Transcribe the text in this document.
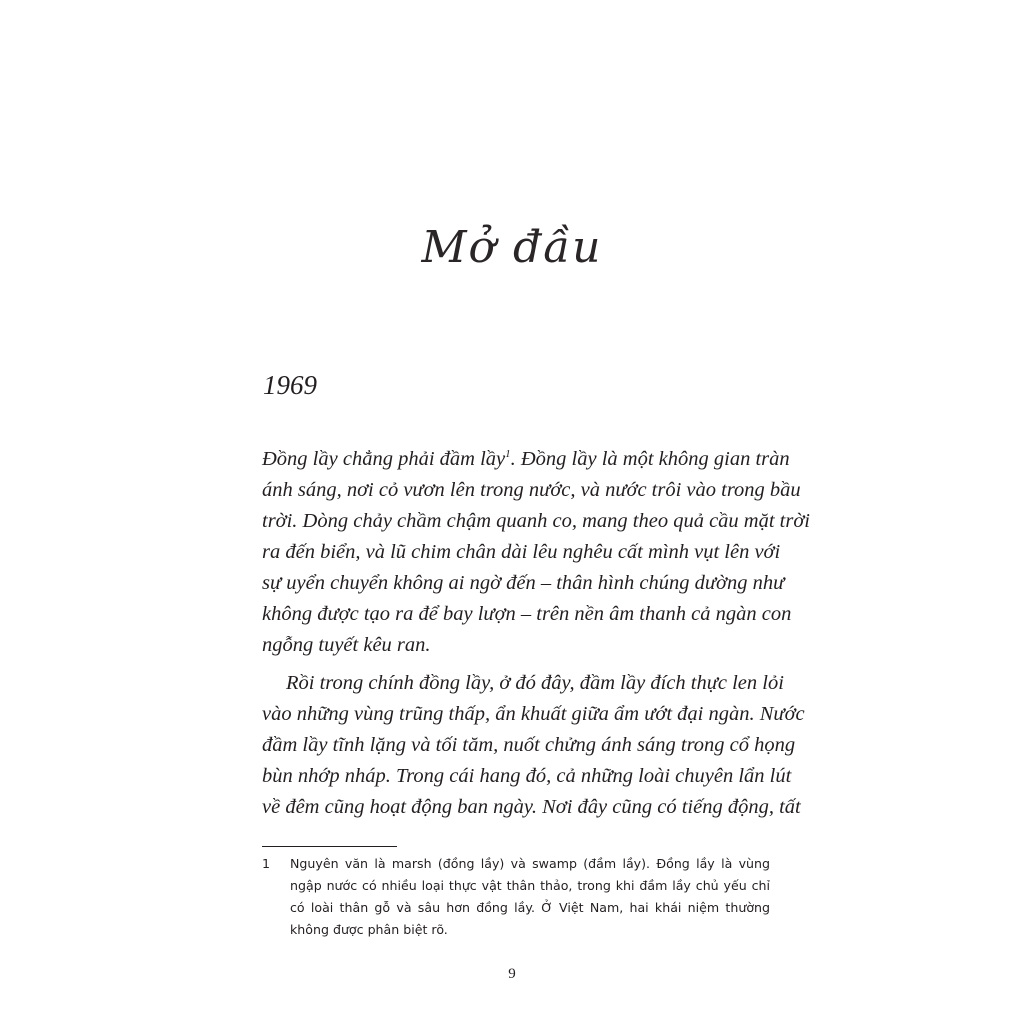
Mở đầu
1969
Đồng lầy chẳng phải đầm lầy$^1$. Đồng lầy là một không gian tràn
ánh sáng, nơi cỏ vươn lên trong nước, và nước trôi vào trong bầu
trời. Dòng chảy chầm chậm quanh co, mang theo quả cầu mặt trời
ra đến biển, và lũ chim chân dài lêu nghêu cất mình vụt lên với
sự uyển chuyển không ai ngờ đến – thân hình chúng dường như
không được tạo ra để bay lượn – trên nền âm thanh cả ngàn con
ngỗng tuyết kêu ran.
Rồi trong chính đồng lầy, ở đó đây, đầm lầy đích thực len lỏi
vào những vùng trũng thấp, ẩn khuất giữa ẩm ướt đại ngàn. Nước
đầm lầy tĩnh lặng và tối tăm, nuốt chửng ánh sáng trong cổ họng
bùn nhớp nháp. Trong cái hang đó, cả những loài chuyên lẩn lút
về đêm cũng hoạt động ban ngày. Nơi đây cũng có tiếng động, tất
1 Nguyên văn là marsh (đồng lầy) và swamp (đầm lầy). Đồng lầy là vùng
ngập nước có nhiều loại thực vật thân thảo, trong khi đầm lầy chủ yếu chỉ
có loài thân gỗ và sâu hơn đồng lầy. Ở Việt Nam, hai khái niệm thường
không được phân biệt rõ.
9
